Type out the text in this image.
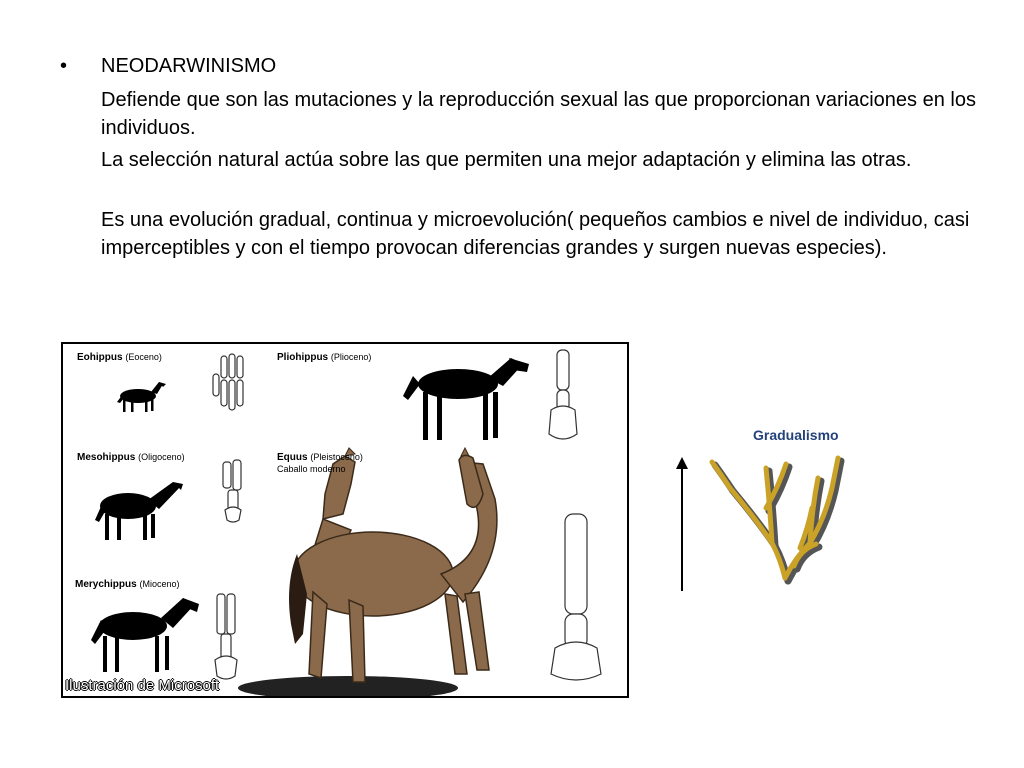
• NEODARWINISMO

Defiende que son las mutaciones y la reproducción sexual las que proporcionan variaciones en los individuos.

La selección natural actúa sobre las que permiten una mejor adaptación y elimina las otras.

Es una evolución gradual, continua y microevolución( pequeños cambios e nivel de individuo, casi imperceptibles y con el tiempo provocan diferencias grandes y surgen nuevas especies).

Eohippus (Eoceno)	Pliohippus (Plioceno)
Mesohippus (Oligoceno)	Equus (Pleistoceno)
Caballo moderno
Merychippus (Mioceno)
Ilustración de Microsoft
Gradualismo
